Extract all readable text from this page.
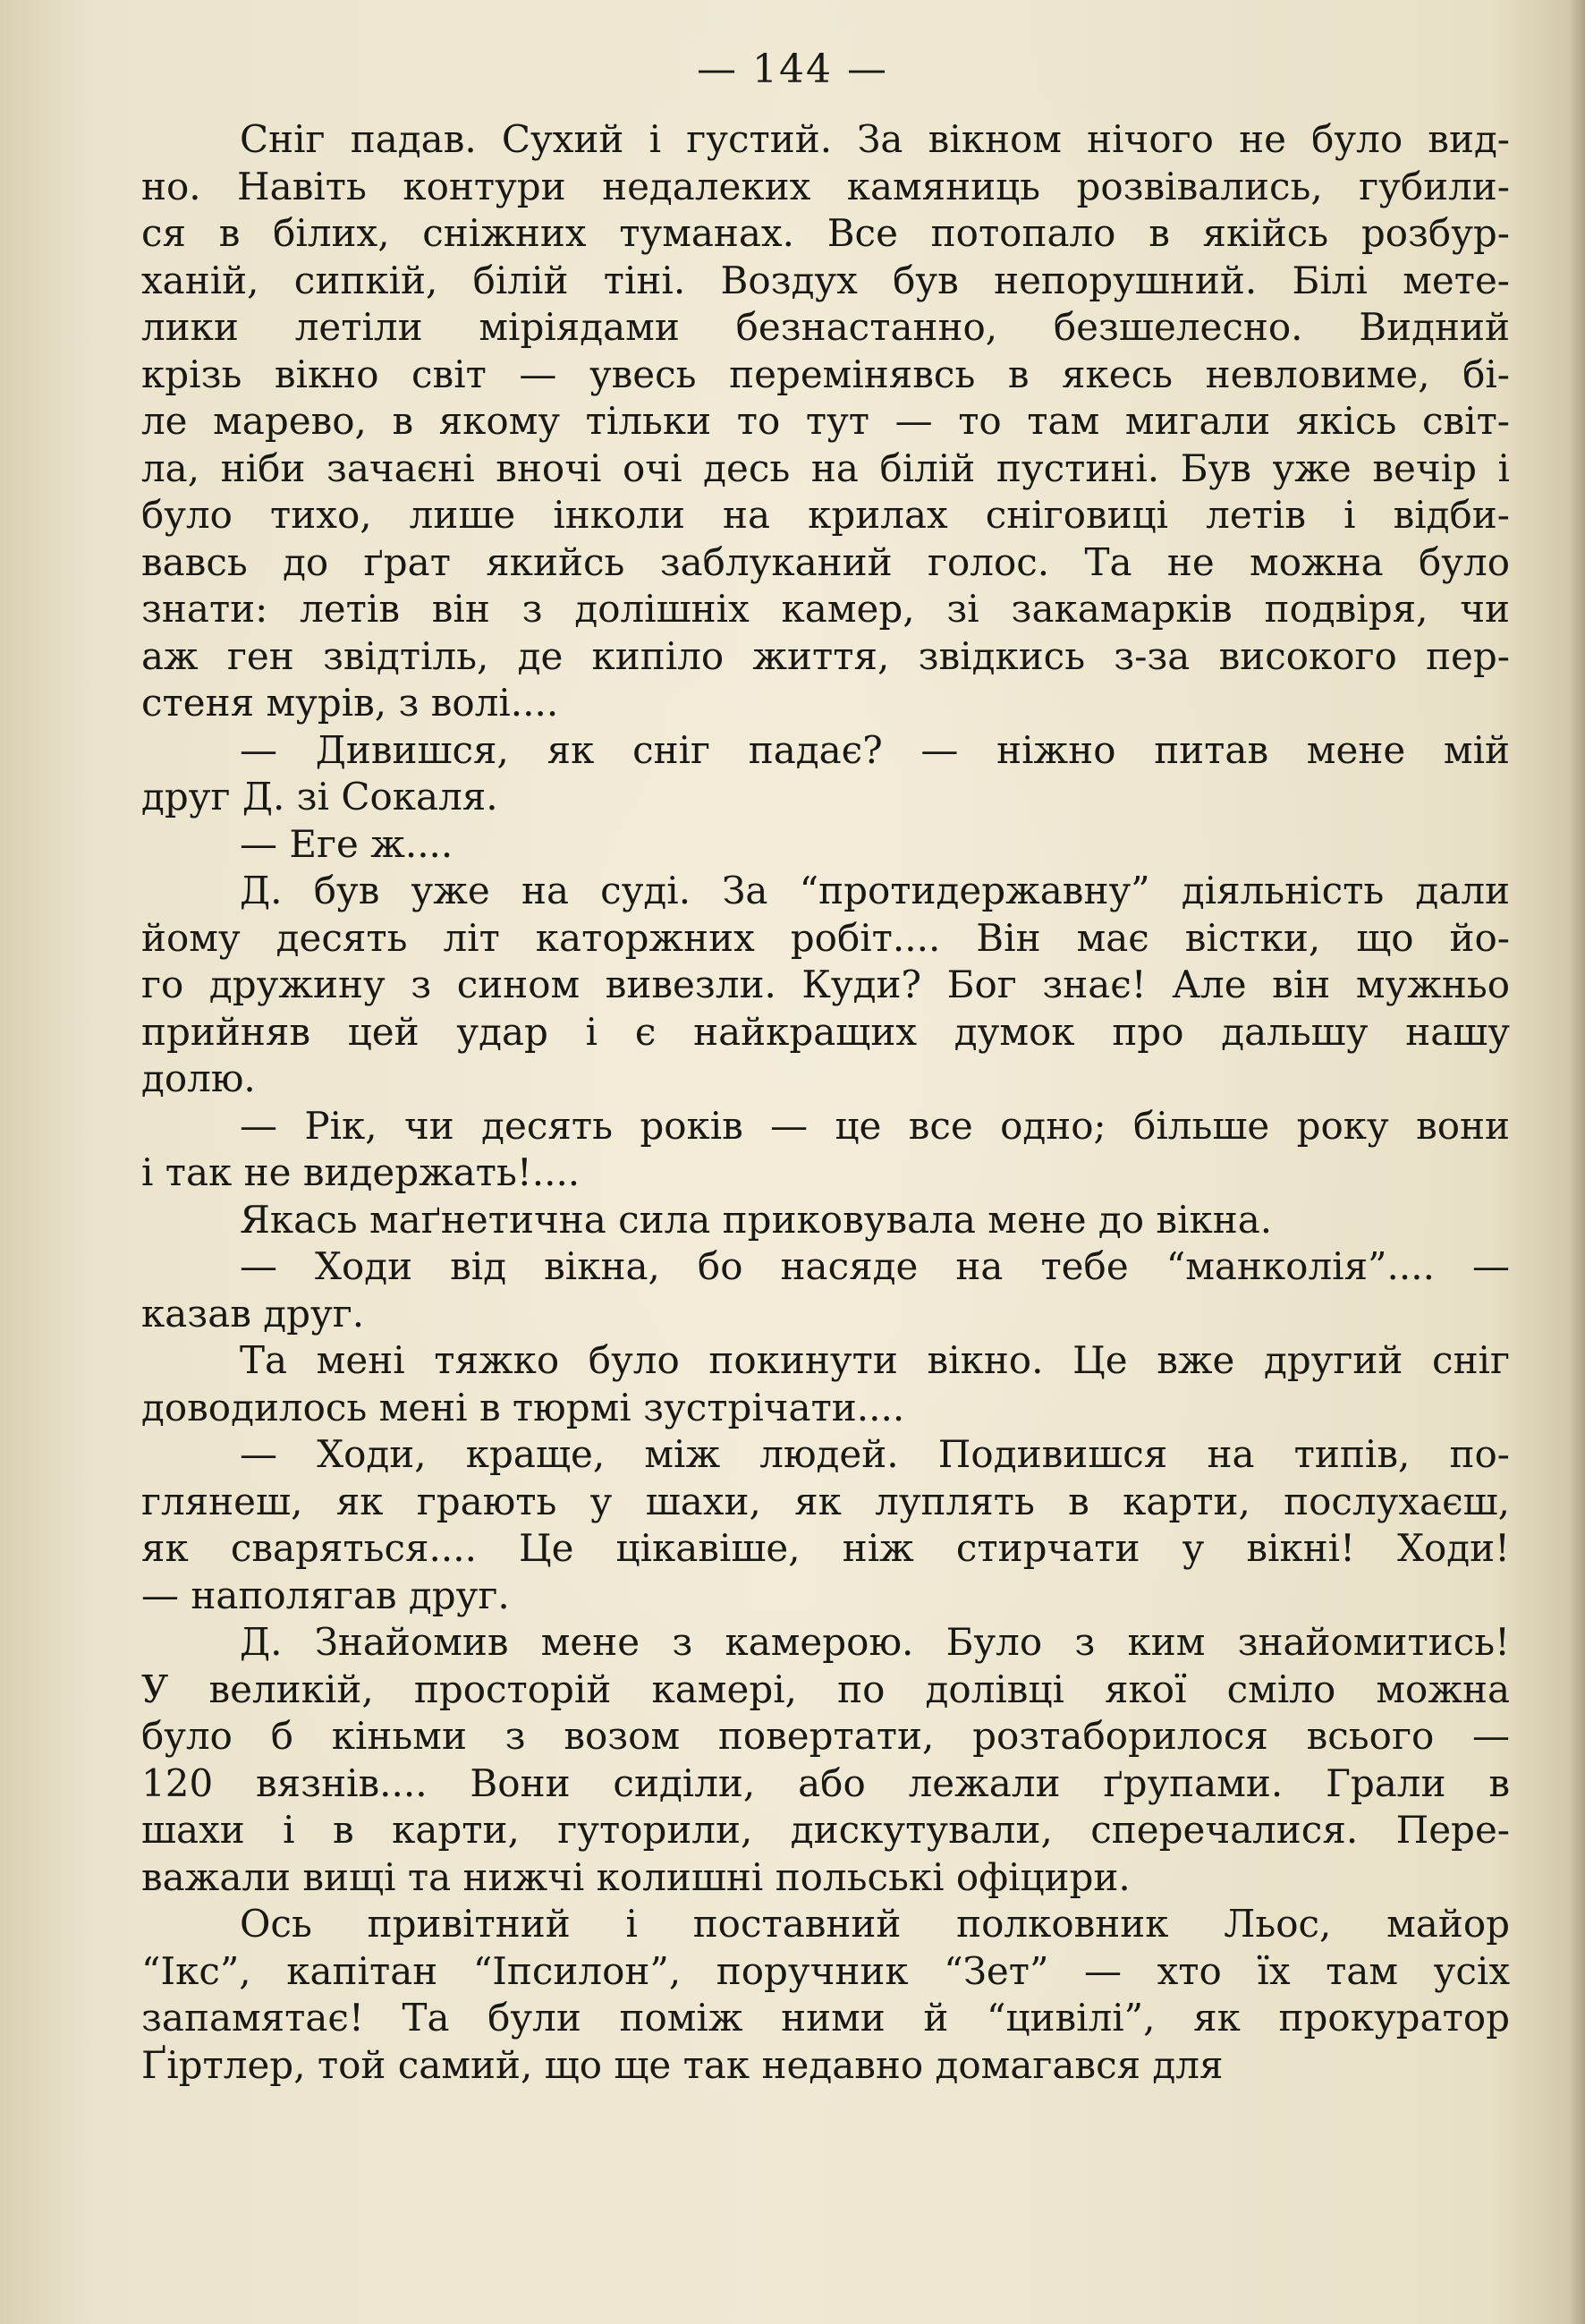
— 144 —
Сніг падав. Сухий і густий. За вікном нічого не було вид-
но. Навіть контури недалеких камяниць розвівались, губили-
ся в білих, сніжних туманах. Все потопало в якійсь розбур-
ханій, сипкій, білій тіні. Воздух був непорушний. Білі мете-
лики летіли міріядами безнастанно, безшелесно. Видний
крізь вікно світ — увесь перемінявсь в якесь невловиме, бі-
ле марево, в якому тільки то тут — то там мигали якісь світ-
ла, ніби зачаєні вночі очі десь на білій пустині. Був уже вечір і
було тихо, лише інколи на крилах сніговиці летів і відби-
вавсь до ґрат якийсь заблуканий голос. Та не можна було
знати: летів він з долішніх камер, зі закамарків подвіря, чи
аж ген звідтіль, де кипіло життя, звідкись з-за високого пер-
стеня мурів, з волі....
— Дивишся, як сніг падає? — ніжно питав мене мій
друг Д. зі Сокаля.
— Еге ж....
Д. був уже на суді. За “протидержавну” діяльність дали
йому десять літ каторжних робіт.... Він має вістки, що йо-
го дружину з сином вивезли. Куди? Бог знає! Але він мужньо
прийняв цей удар і є найкращих думок про дальшу нашу
долю.
— Рік, чи десять років — це все одно; більше року вони
і так не видержать!....
Якась маґнетична сила приковувала мене до вікна.
— Ходи від вікна, бо насяде на тебе “манколія”.... —
казав друг.
Та мені тяжко було покинути вікно. Це вже другий сніг
доводилось мені в тюрмі зустрічати....
— Ходи, краще, між людей. Подивишся на типів, по-
глянеш, як грають у шахи, як луплять в карти, послухаєш,
як сваряться.... Це цікавіше, ніж стирчати у вікні! Ходи!
— наполягав друг.
Д. Знайомив мене з камерою. Було з ким знайомитись!
У великій, просторій камері, по долівці якої сміло можна
було б кіньми з возом повертати, розтаборилося всього —
120 вязнів.... Вони сиділи, або лежали ґрупами. Грали в
шахи і в карти, гуторили, дискутували, сперечалися. Пере-
важали вищі та нижчі колишні польські офіцири.
Ось привітний і поставний полковник Льос, майор
“Ікс”, капітан “Іпсилон”, поручник “Зет” — хто їх там усіх
запамятає! Та були поміж ними й “цивілі”, як прокуратор
Ґіртлер, той самий, що ще так недавно домагався для
